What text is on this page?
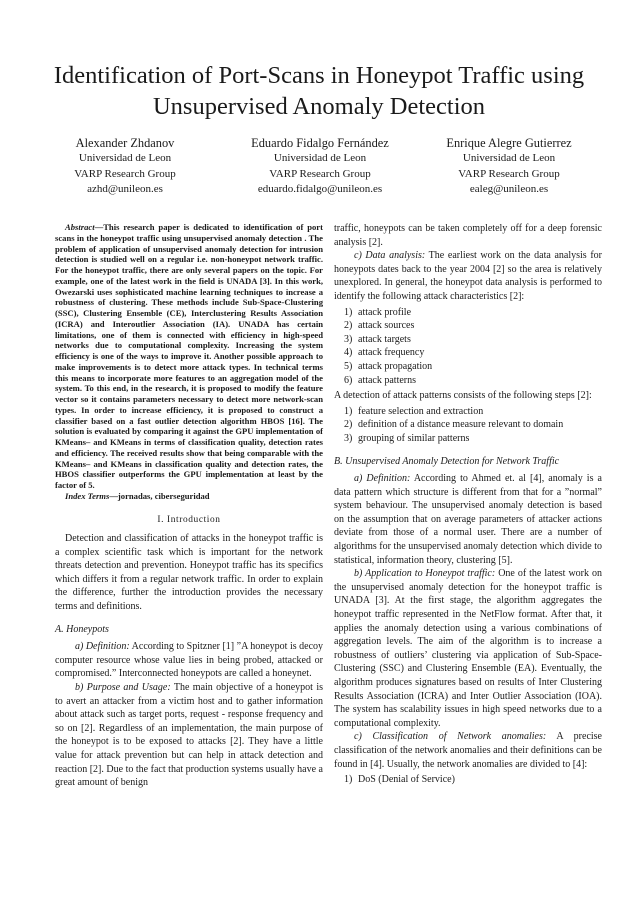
Identification of Port-Scans in Honeypot Traffic using Unsupervised Anomaly Detection
Alexander Zhdanov
Universidad de Leon
VARP Research Group
azhd@unileon.es
Eduardo Fidalgo Fernández
Universidad de Leon
VARP Research Group
eduardo.fidalgo@unileon.es
Enrique Alegre Gutierrez
Universidad de Leon
VARP Research Group
ealeg@unileon.es

Abstract—This research paper is dedicated to identification of port scans in the honeypot traffic using unsupervised anomaly detection . The problem of application of unsupervised anomaly detection for intrusion detection is studied well on a regular i.e. non-honeypot network traffic. For the honeypot traffic, there are only several papers on the topic. For example, one of the latest work in the field is UNADA [3]. In this work, Owezarski uses sophisticated machine learning techniques to increase a robustness of clustering. These methods include Sub-Space-Clustering (SSC), Clustering Ensemble (CE), Interclustering Results Association (ICRA) and Interoutlier Association (IA). UNADA has certain limitations, one of them is connected with efficiency in high-speed networks due to computational complexity. Increasing the system efficiency is one of the ways to improve it. Another possible approach to make improvements is to detect more attack types. In technical terms this means to incorporate more features to an aggregation model of the system. To this end, in the research, it is proposed to modify the feature vector so it contains parameters necessary to detect more network-scan types. In order to increase efficiency, it is proposed to construct a classifier based on a fast outlier detection algorithm HBOS [16]. The solution is evaluated by comparing it against the GPU implementation of KMeans– and KMeans in terms of classification quality, detection rates and efficiency. The received results show that being comparable with the KMeans– and KMeans in classification quality and detection rates, the HBOS classifier outperforms the GPU implementation at least by the factor of 5.

Index Terms—jornadas, ciberseguridad

I. Introduction

Detection and classification of attacks in the honeypot traffic is a complex scientific task which is important for the network threats detection and prevention. Honeypot traffic has its specifics which differs it from a regular network traffic. In order to explain the difference, further the introduction provides the necessary terms and definitions.

A. Honeypots

a) Definition: According to Spitzner [1] ”A honeypot is decoy computer resource whose value lies in being probed, attacked or compromised.” Interconnected honeypots are called a honeynet.

b) Purpose and Usage: The main objective of a honeypot is to avert an attacker from a victim host and to gather information about attack such as target ports, request - response frequency and so on [2]. Regardless of an implementation, the main purpose of the honeypot is to be exposed to attacks [2]. They have a little value for attack prevention but can help in attack detection and reaction [2]. Due to the fact that production systems usually have a great amount of benign

traffic, honeypots can be taken completely off for a deep forensic analysis [2].

c) Data analysis: The earliest work on the data analysis for honeypots dates back to the year 2004 [2] so the area is relatively unexplored. In general, the honeypot data analysis is performed to identify the following attack characteristics [2]:

1) attack profile
2) attack sources
3) attack targets
4) attack frequency
5) attack propagation
6) attack patterns

A detection of attack patterns consists of the following steps [2]:

1) feature selection and extraction
2) definition of a distance measure relevant to domain
3) grouping of similar patterns
B. Unsupervised Anomaly Detection for Network Traffic

a) Definition: According to Ahmed et. al [4], anomaly is a data pattern which structure is different from that for a ”normal” system behaviour. The unsupervised anomaly detection is based on the assumption that on average parameters of attacker actions deviate from those of a normal user. There are a number of algorithms for the unsupervised anomaly detection which divide to statistical, information theory, clustering [5].

b) Application to Honeypot traffic: One of the latest work on the unsupervised anomaly detection for the honeypot traffic is UNADA [3]. At the first stage, the algorithm aggregates the honeypot traffic represented in the NetFlow format. After that, it applies the anomaly detection using a various combinations of aggregation levels. The aim of the algorithm is to increase a robustness of outliers’ clustering via application of Sub-Space-Clustering (SSC) and Clustering Ensemble (EA). Eventually, the algorithm produces signatures based on results of Inter Clustering Results Association (ICRA) and Inter Outlier Association (IOA). The system has scalability issues in high speed networks due to a computational complexity.

c) Classification of Network anomalies: A precise classification of the network anomalies and their definitions can be found in [4]. Usually, the network anomalies are divided to [4]:

1) DoS (Denial of Service)
